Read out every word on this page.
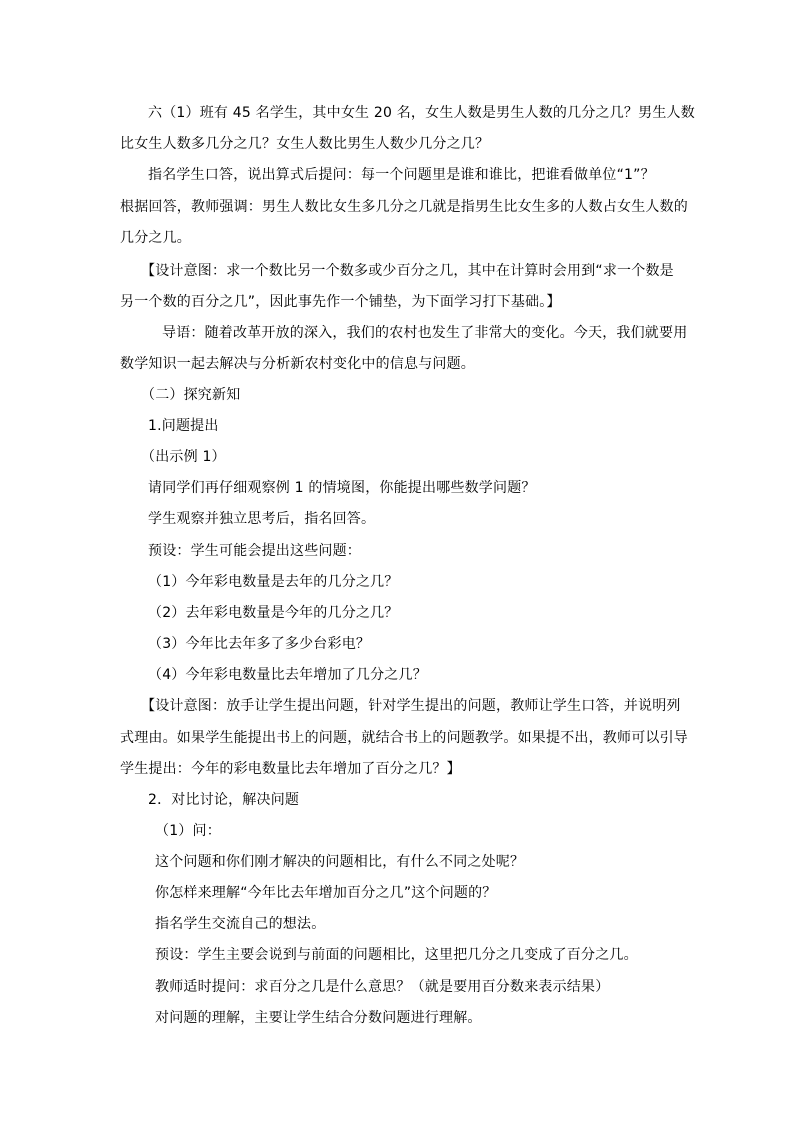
六（1）班有 45 名学生，其中女生 20 名，女生人数是男生人数的几分之几？男生人数
比女生人数多几分之几？女生人数比男生人数少几分之几？
指名学生口答，说出算式后提问：每一个问题里是谁和谁比，把谁看做单位“1”？
根据回答，教师强调：男生人数比女生多几分之几就是指男生比女生多的人数占女生人数的
几分之几。
【设计意图：求一个数比另一个数多或少百分之几，其中在计算时会用到“求一个数是
另一个数的百分之几”，因此事先作一个铺垫，为下面学习打下基础。】
导语：随着改革开放的深入，我们的农村也发生了非常大的变化。今天，我们就要用
数学知识一起去解决与分析新农村变化中的信息与问题。
（二）探究新知
1.问题提出
（出示例 1）
请同学们再仔细观察例 1 的情境图，你能提出哪些数学问题？
学生观察并独立思考后，指名回答。
预设：学生可能会提出这些问题：
（1）今年彩电数量是去年的几分之几？
（2）去年彩电数量是今年的几分之几？
（3）今年比去年多了多少台彩电？
（4）今年彩电数量比去年增加了几分之几？
【设计意图：放手让学生提出问题，针对学生提出的问题，教师让学生口答，并说明列
式理由。如果学生能提出书上的问题，就结合书上的问题教学。如果提不出，教师可以引导
学生提出：今年的彩电数量比去年增加了百分之几？】
2．对比讨论，解决问题
（1）问：
这个问题和你们刚才解决的问题相比，有什么不同之处呢？
你怎样来理解“今年比去年增加百分之几”这个问题的？
指名学生交流自己的想法。
预设：学生主要会说到与前面的问题相比，这里把几分之几变成了百分之几。
教师适时提问：求百分之几是什么意思？（就是要用百分数来表示结果）
对问题的理解，主要让学生结合分数问题进行理解。
